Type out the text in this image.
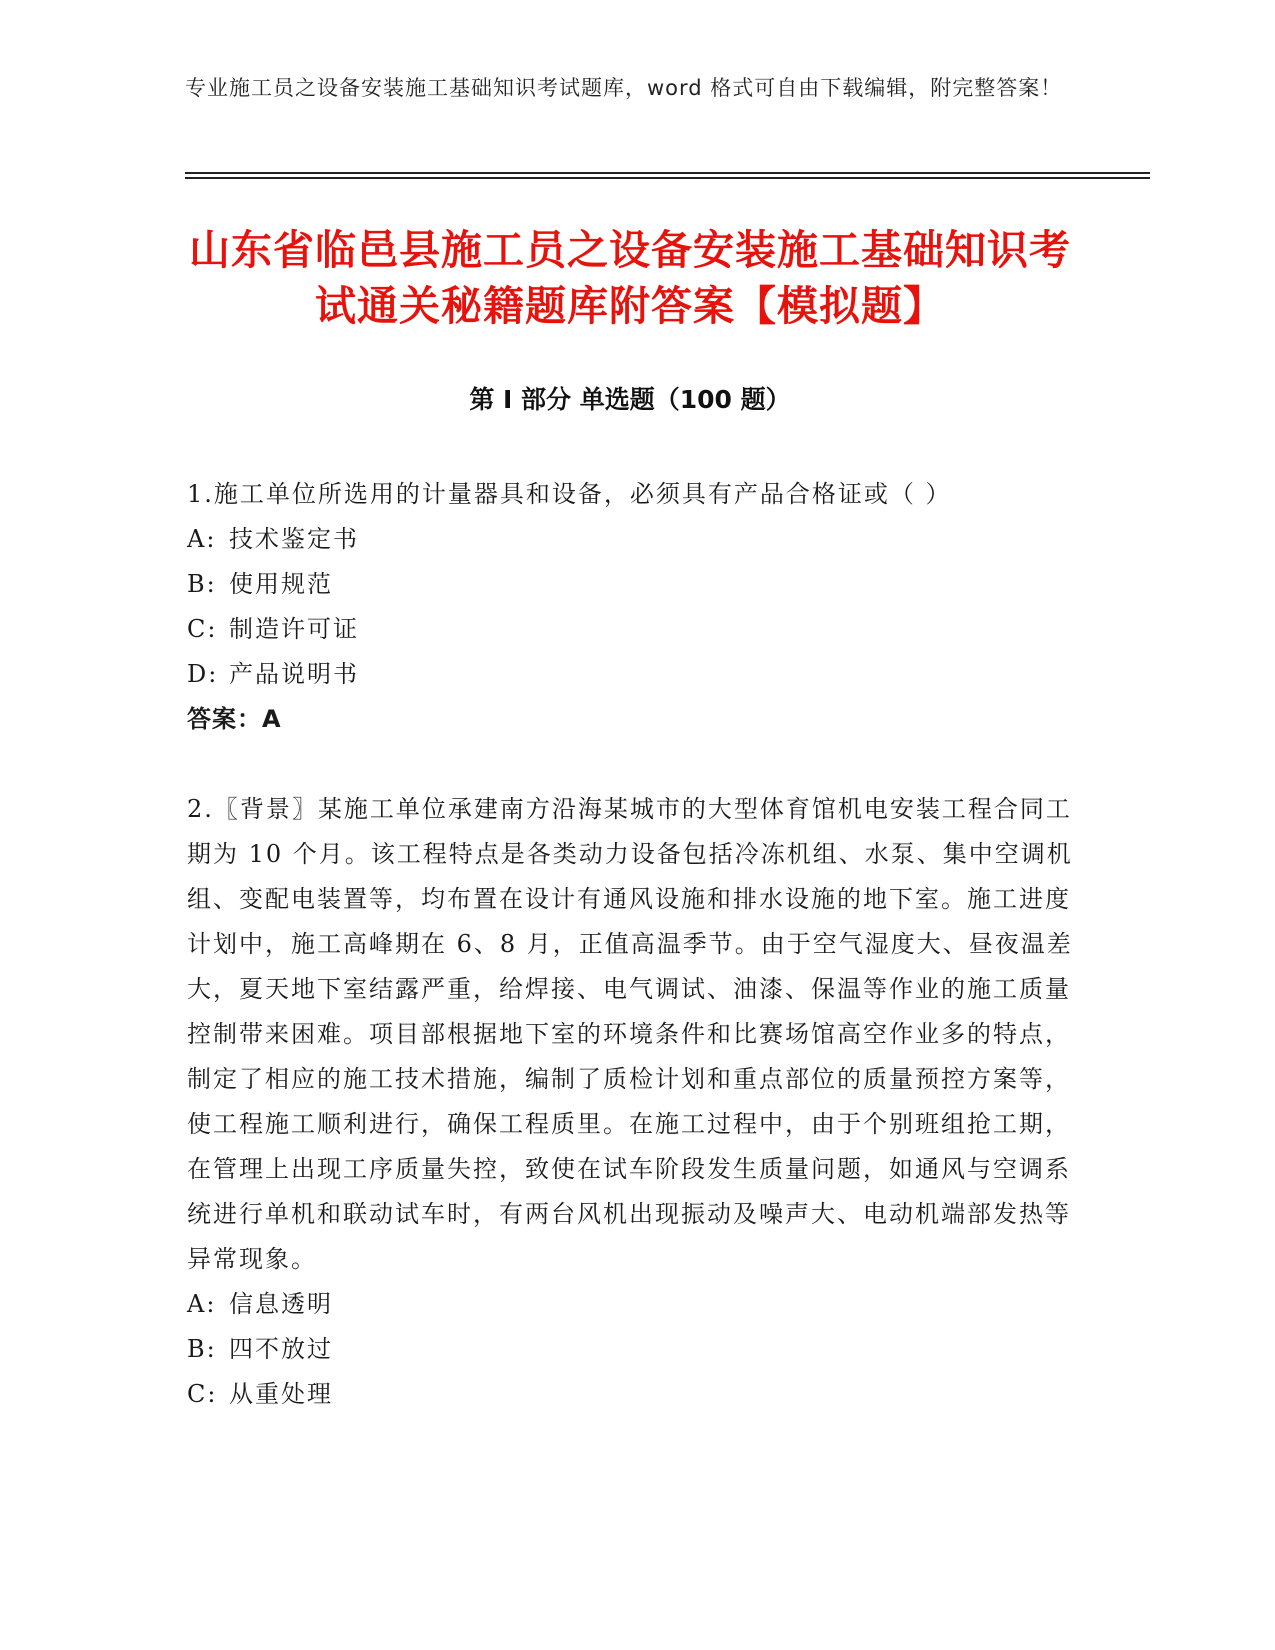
专业施工员之设备安装施工基础知识考试题库，word 格式可自由下载编辑，附完整答案！
山东省临邑县施工员之设备安装施工基础知识考试通关秘籍题库附答案【模拟题】
第 I 部分 单选题（100 题）

1.施工单位所选用的计量器具和设备，必须具有产品合格证或（ ）

A: 技术鉴定书

B: 使用规范

C: 制造许可证

D: 产品说明书

答案：A

2.〖背景〗某施工单位承建南方沿海某城市的大型体育馆机电安装工程合同工期为 10 个月。该工程特点是各类动力设备包括冷冻机组、水泵、集中空调机组、变配电装置等，均布置在设计有通风设施和排水设施的地下室。施工进度计划中，施工高峰期在 6、8 月，正值高温季节。由于空气湿度大、昼夜温差大，夏天地下室结露严重，给焊接、电气调试、油漆、保温等作业的施工质量控制带来困难。项目部根据地下室的环境条件和比赛场馆高空作业多的特点，制定了相应的施工技术措施，编制了质检计划和重点部位的质量预控方案等，使工程施工顺利进行，确保工程质里。在施工过程中，由于个别班组抢工期，在管理上出现工序质量失控，致使在试车阶段发生质量问题，如通风与空调系统进行单机和联动试车时，有两台风机出现振动及噪声大、电动机端部发热等异常现象。

A: 信息透明

B: 四不放过

C: 从重处理
